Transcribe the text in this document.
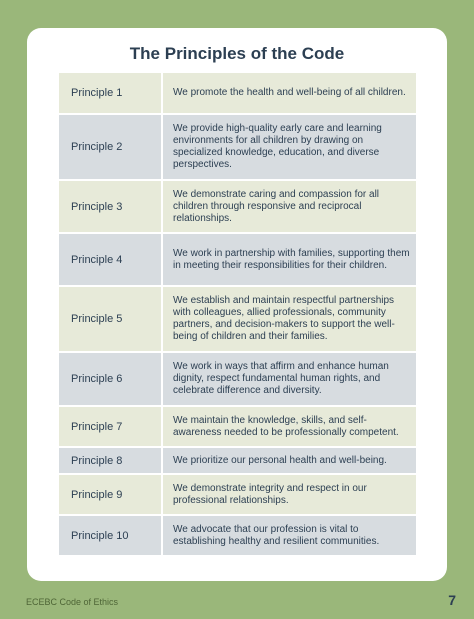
The Principles of the Code
Principle 1	We promote the health and well-being of all children.
Principle 2	We provide high-quality early care and learning environments for all children by drawing on specialized knowledge, education, and diverse perspectives.
Principle 3	We demonstrate caring and compassion for all children through responsive and reciprocal relationships.
Principle 4	We work in partnership with families, supporting them in meeting their responsibilities for their children.
Principle 5	We establish and maintain respectful partnerships with colleagues, allied professionals, community partners, and decision-makers to support the well-being of children and their families.
Principle 6	We work in ways that affirm and enhance human dignity, respect fundamental human rights, and celebrate difference and diversity.
Principle 7	We maintain the knowledge, skills, and self-awareness needed to be professionally competent.
Principle 8	We prioritize our personal health and well-being.
Principle 9	We demonstrate integrity and respect in our professional relationships.
Principle 10	We advocate that our profession is vital to establishing healthy and resilient communities.
ECEBC Code of Ethics	7
